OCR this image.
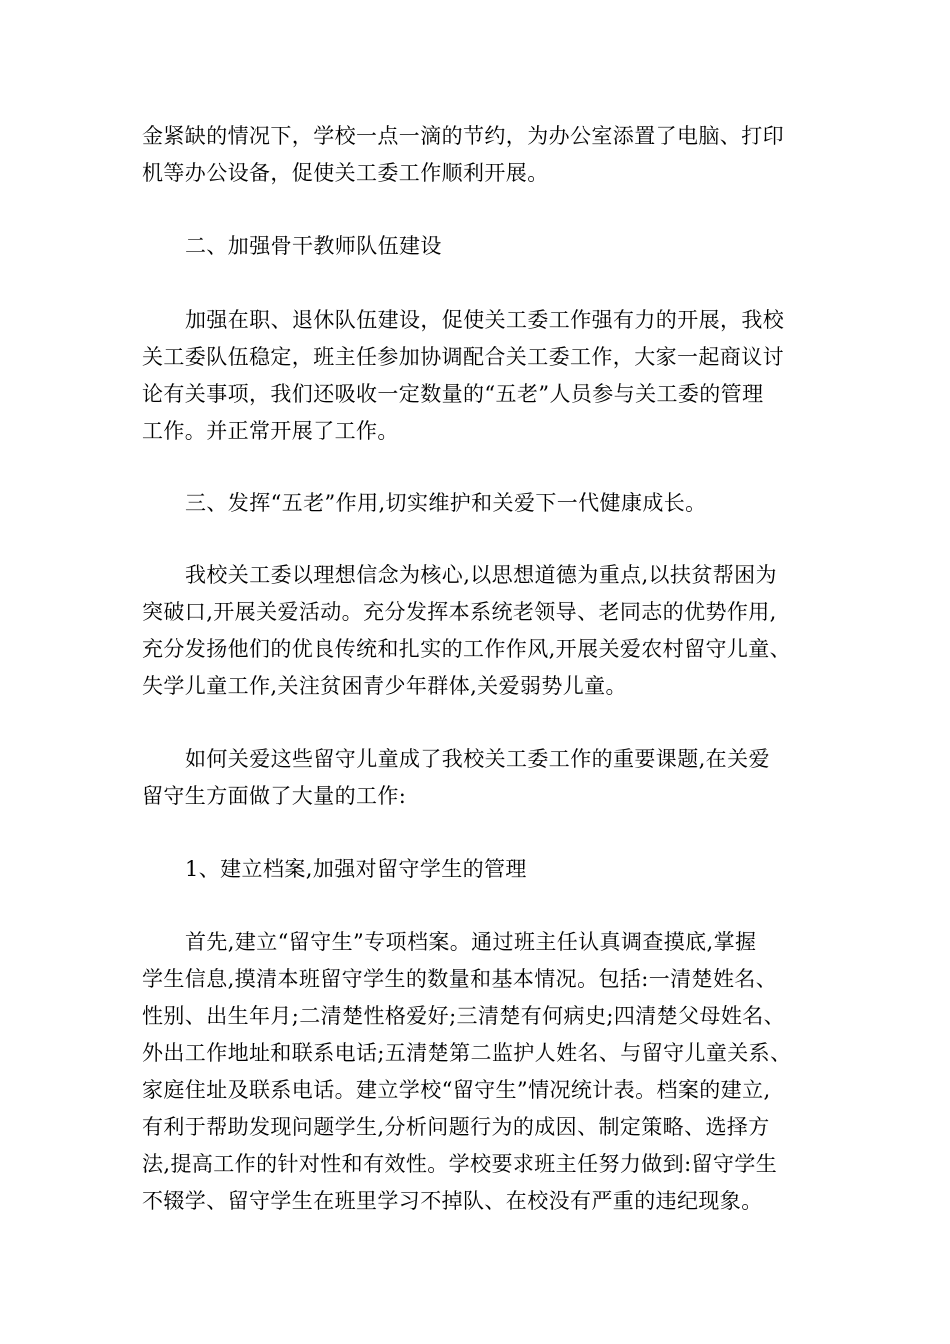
金紧缺的情况下，学校一点一滴的节约，为办公室添置了电脑、打印
机等办公设备，促使关工委工作顺利开展。
二、加强骨干教师队伍建设
加强在职、退休队伍建设，促使关工委工作强有力的开展，我校
关工委队伍稳定，班主任参加协调配合关工委工作，大家一起商议讨
论有关事项，我们还吸收一定数量的“五老”人员参与关工委的管理
工作。并正常开展了工作。
三、发挥“五老”作用,切实维护和关爱下一代健康成长。
我校关工委以理想信念为核心,以思想道德为重点,以扶贫帮困为
突破口,开展关爱活动。充分发挥本系统老领导、老同志的优势作用,
充分发扬他们的优良传统和扎实的工作作风,开展关爱农村留守儿童、
失学儿童工作,关注贫困青少年群体,关爱弱势儿童。
如何关爱这些留守儿童成了我校关工委工作的重要课题,在关爱
留守生方面做了大量的工作:
1、建立档案,加强对留守学生的管理
首先,建立“留守生”专项档案。通过班主任认真调查摸底,掌握
学生信息,摸清本班留守学生的数量和基本情况。包括:一清楚姓名、
性别、出生年月;二清楚性格爱好;三清楚有何病史;四清楚父母姓名、
外出工作地址和联系电话;五清楚第二监护人姓名、与留守儿童关系、
家庭住址及联系电话。建立学校“留守生”情况统计表。档案的建立,
有利于帮助发现问题学生,分析问题行为的成因、制定策略、选择方
法,提高工作的针对性和有效性。学校要求班主任努力做到:留守学生
不辍学、留守学生在班里学习不掉队、在校没有严重的违纪现象。
